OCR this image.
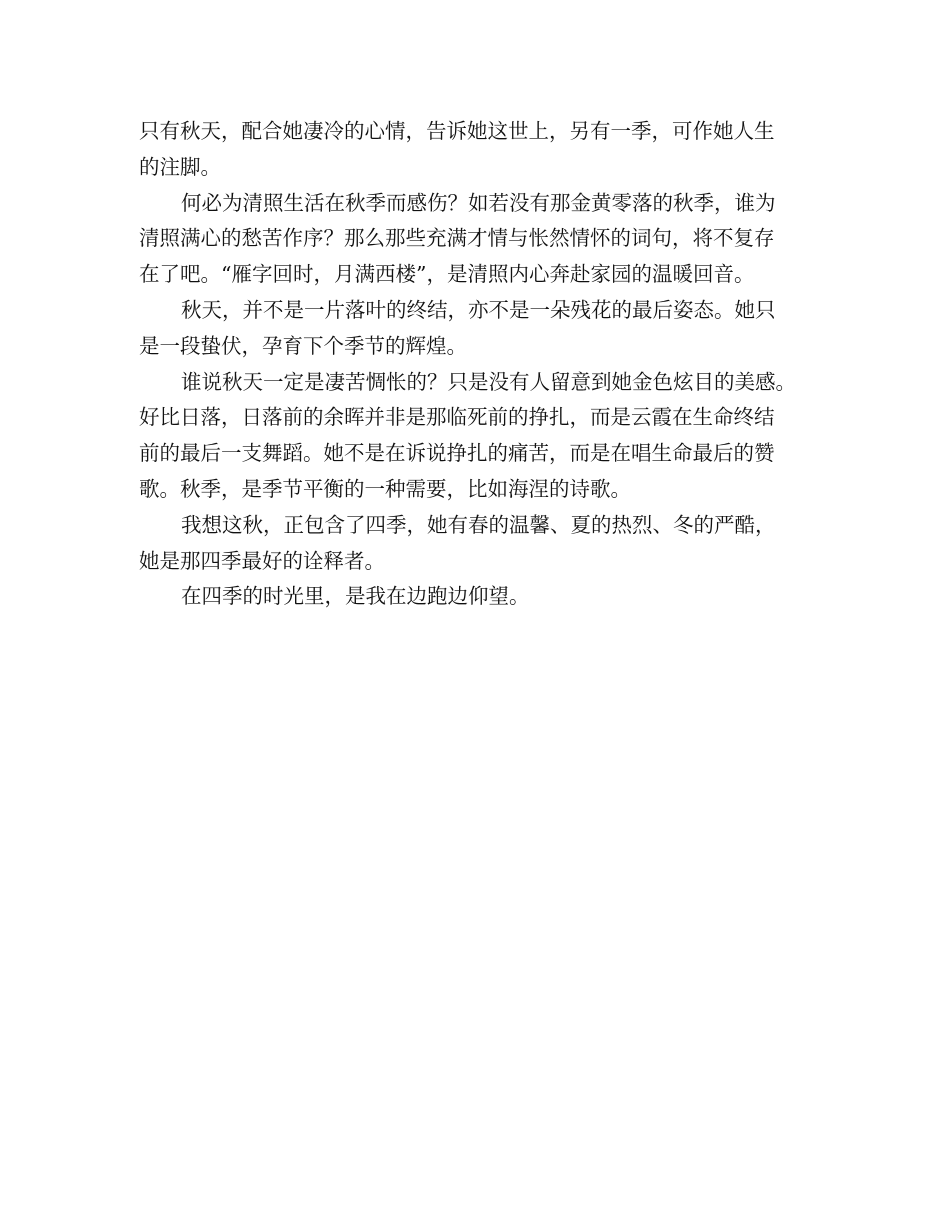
只有秋天，配合她凄冷的心情，告诉她这世上，另有一季，可作她人生
的注脚。
何必为清照生活在秋季而感伤？如若没有那金黄零落的秋季，谁为
清照满心的愁苦作序？那么那些充满才情与怅然情怀的词句，将不复存
在了吧。“雁字回时，月满西楼”，是清照内心奔赴家园的温暖回音。
秋天，并不是一片落叶的终结，亦不是一朵残花的最后姿态。她只
是一段蛰伏，孕育下个季节的辉煌。
谁说秋天一定是凄苦惆怅的？只是没有人留意到她金色炫目的美感。
好比日落，日落前的余晖并非是那临死前的挣扎，而是云霞在生命终结
前的最后一支舞蹈。她不是在诉说挣扎的痛苦，而是在唱生命最后的赞
歌。秋季，是季节平衡的一种需要，比如海涅的诗歌。
我想这秋，正包含了四季，她有春的温馨、夏的热烈、冬的严酷，
她是那四季最好的诠释者。
在四季的时光里，是我在边跑边仰望。
